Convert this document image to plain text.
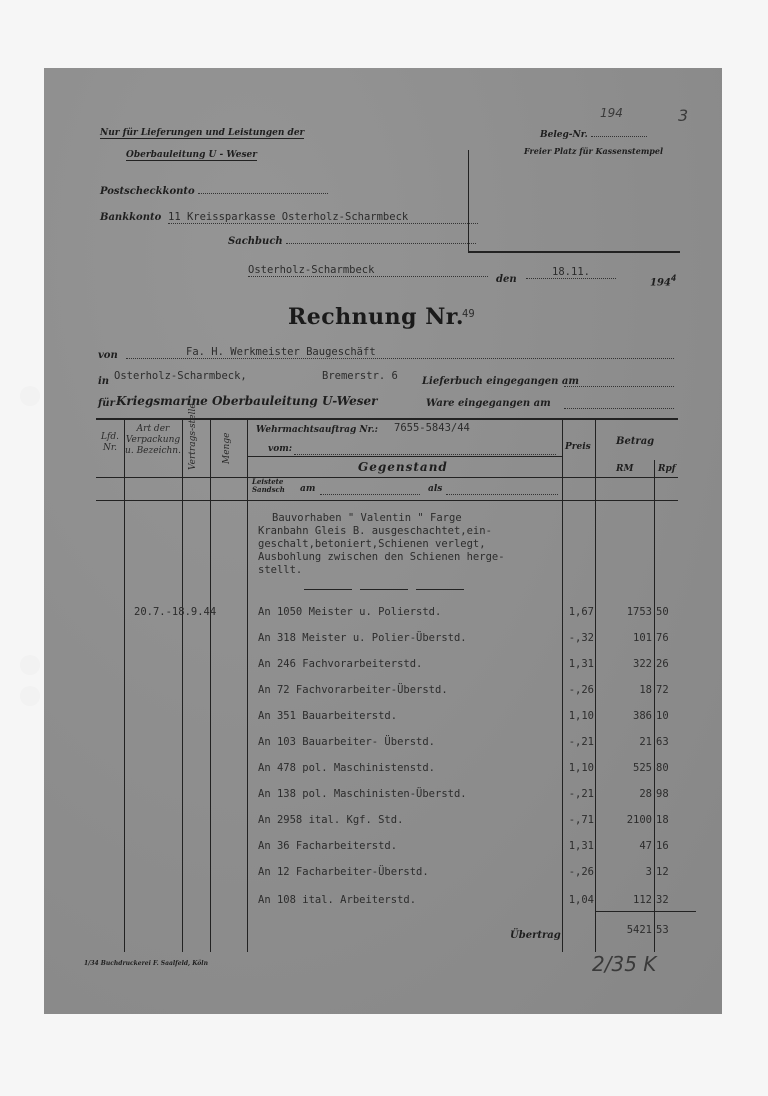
Nur für Lieferungen und Leistungen der
Oberbauleitung U - Weser
194	3
Beleg-Nr.
Freier Platz für Kassenstempel
Postscheckkonto
Bankkonto 11 Kreissparkasse Osterholz-Scharmbeck
Sachbuch
Osterholz-Scharmbeck
den
18.11.
1944
Rechnung Nr.
49
von	Fa. H. Werkmeister Baugeschäft
in Osterholz-Scharmbeck,	Bremerstr. 6 Lieferbuch eingegangen am
für Kriegsmarine Oberbauleitung U-Weser	Ware eingegangen am
Lfd. Nr.
Art der Verpackung u. Bezeichn. Vertrags-stelle	Menge
Wehrmachtsauftrag Nr.: 7655-5843/44
vom:
Gegenstand
Preis	Betrag
RM	Rpf
Leistete Sandsch	am	als
Bauvorhaben " Valentin " Farge
Kranbahn Gleis B. ausgeschachtet,ein-
geschalt,betoniert,Schienen verlegt,
Ausbohlung zwischen den Schienen herge-
stellt.
20.7.-18.9.44	An 1050 Meister u. Polierstd.	1,67	1753 50
An 318 Meister u. Polier-Überstd.	-,32	101 76
An 246 Fachvorarbeiterstd.	1,31	322 26
An 72 Fachvorarbeiter-Überstd.	-,26	18 72
An 351 Bauarbeiterstd.	1,10	386 10
An 103 Bauarbeiter- Überstd.	-,21	21 63
An 478 pol. Maschinistenstd.	1,10	525 80
An 138 pol. Maschinisten-Überstd.	-,21	28 98
An 2958 ital. Kgf. Std.	-,71	2100 18
An 36 Facharbeiterstd.	1,31	47 16
An 12 Facharbeiter-Überstd.	-,26	3 12
An 108 ital. Arbeiterstd.	1,04	112 32
Übertrag	5421 53
1/34 Buchdruckerei F. Saalfeld, Köln	2/35 K
